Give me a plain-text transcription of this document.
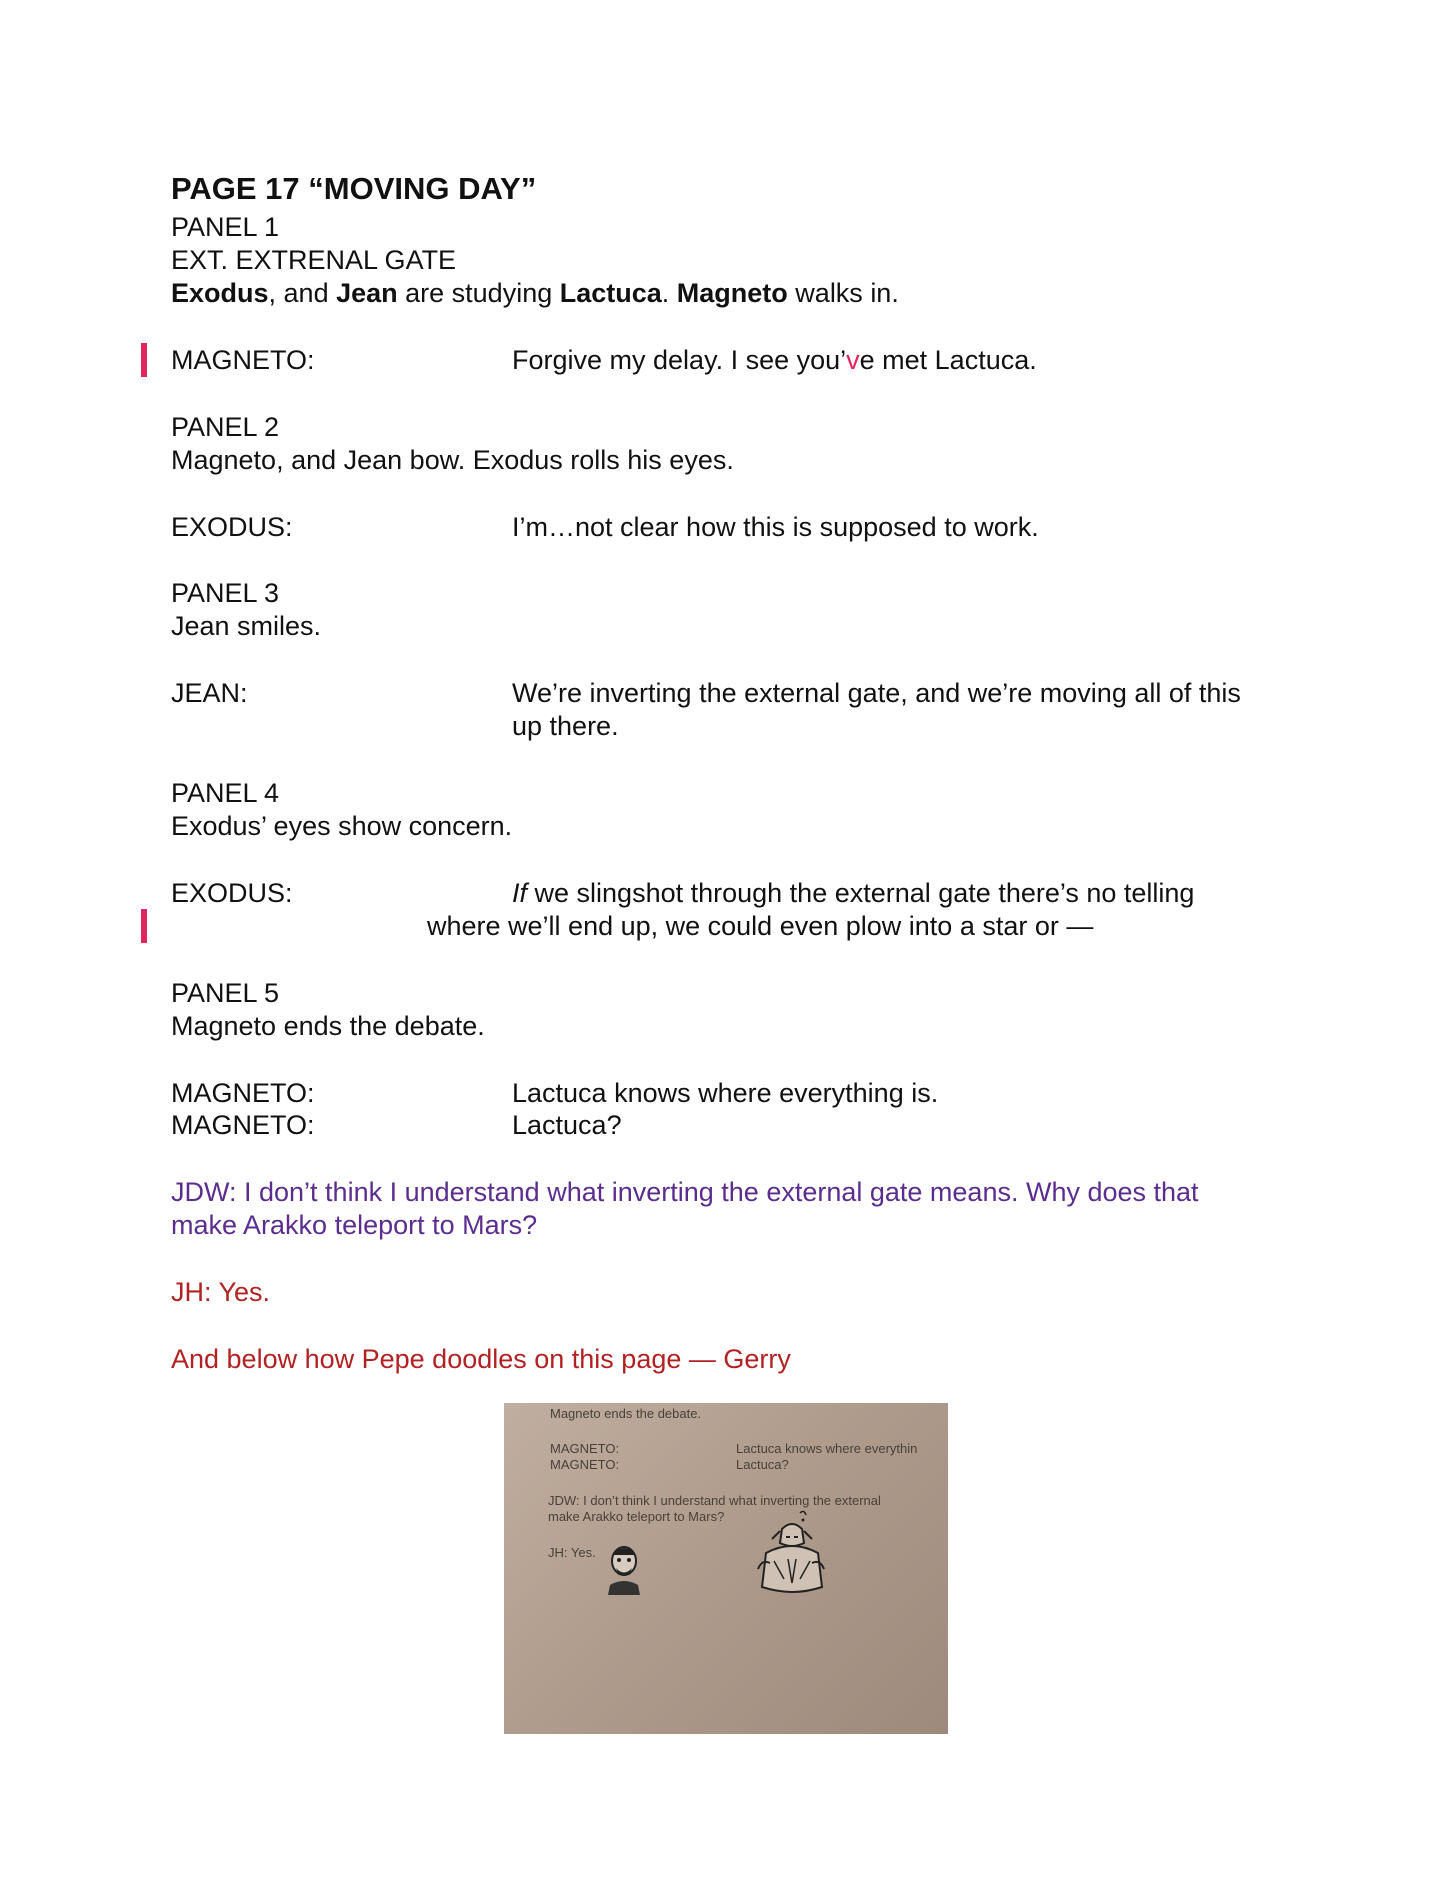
PAGE 17 “MOVING DAY”
PANEL 1
EXT. EXTRENAL GATE
Exodus, and Jean are studying Lactuca. Magneto walks in.
MAGNETO:	Forgive my delay. I see you’ve met Lactuca.
PANEL 2
Magneto, and Jean bow. Exodus rolls his eyes.
EXODUS:	I’m…not clear how this is supposed to work.
PANEL 3
Jean smiles.
JEAN:	We’re inverting the external gate, and we’re moving all of this
up there.
PANEL 4
Exodus’ eyes show concern.
EXODUS:	If we slingshot through the external gate there’s no telling
where we’ll end up, we could even plow into a star or —
PANEL 5
Magneto ends the debate.
MAGNETO:	Lactuca knows where everything is.
MAGNETO:	Lactuca?
JDW: I don’t think I understand what inverting the external gate means. Why does that
make Arakko teleport to Mars?
JH: Yes.
And below how Pepe doodles on this page — Gerry
Magneto ends the debate.
MAGNETO:	Lactuca knows where everythin
MAGNETO:	Lactuca?
JDW: I don’t think I understand what inverting the external
make Arakko teleport to Mars?
JH: Yes.
